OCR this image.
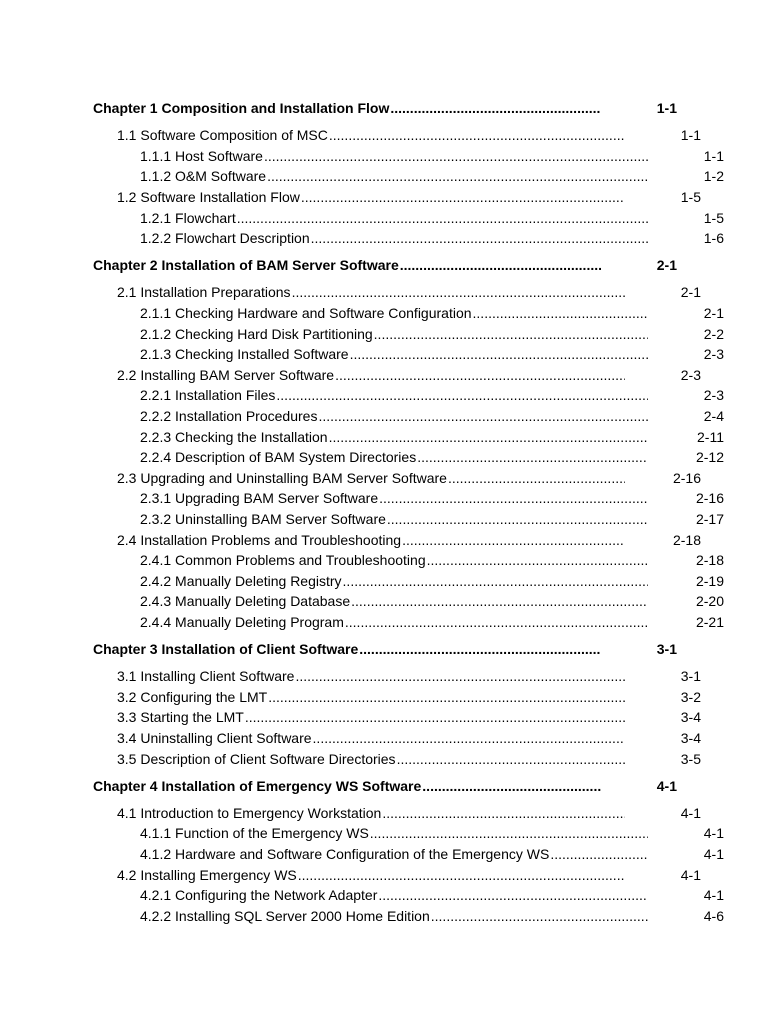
Chapter 1 Composition and Installation Flow .....	1-1
1.1 Software Composition of MSC .....	1-1
1.1.1 Host Software .....	1-1
1.1.2 O&M Software .....	1-2
1.2 Software Installation Flow .....	1-5
1.2.1 Flowchart .....	1-5
1.2.2 Flowchart Description .....	1-6
Chapter 2 Installation of BAM Server Software .....	2-1
2.1 Installation Preparations .....	2-1
2.1.1 Checking Hardware and Software Configuration .....	2-1
2.1.2 Checking Hard Disk Partitioning .....	2-2
2.1.3 Checking Installed Software .....	2-3
2.2 Installing BAM Server Software .....	2-3
2.2.1 Installation Files .....	2-3
2.2.2 Installation Procedures .....	2-4
2.2.3 Checking the Installation .....	2-11
2.2.4 Description of BAM System Directories .....	2-12
2.3 Upgrading and Uninstalling BAM Server Software .....	2-16
2.3.1 Upgrading BAM Server Software .....	2-16
2.3.2 Uninstalling BAM Server Software .....	2-17
2.4 Installation Problems and Troubleshooting .....	2-18
2.4.1 Common Problems and Troubleshooting .....	2-18
2.4.2 Manually Deleting Registry .....	2-19
2.4.3 Manually Deleting Database .....	2-20
2.4.4 Manually Deleting Program .....	2-21
Chapter 3 Installation of Client Software .....	3-1
3.1 Installing Client Software .....	3-1
3.2 Configuring the LMT .....	3-2
3.3 Starting the LMT .....	3-4
3.4 Uninstalling Client Software .....	3-4
3.5 Description of Client Software Directories .....	3-5
Chapter 4 Installation of Emergency WS Software .....	4-1
4.1 Introduction to Emergency Workstation .....	4-1
4.1.1 Function of the Emergency WS .....	4-1
4.1.2 Hardware and Software Configuration of the Emergency WS .....	4-1
4.2 Installing Emergency WS .....	4-1
4.2.1 Configuring the Network Adapter .....	4-1
4.2.2 Installing SQL Server 2000 Home Edition .....	4-6
